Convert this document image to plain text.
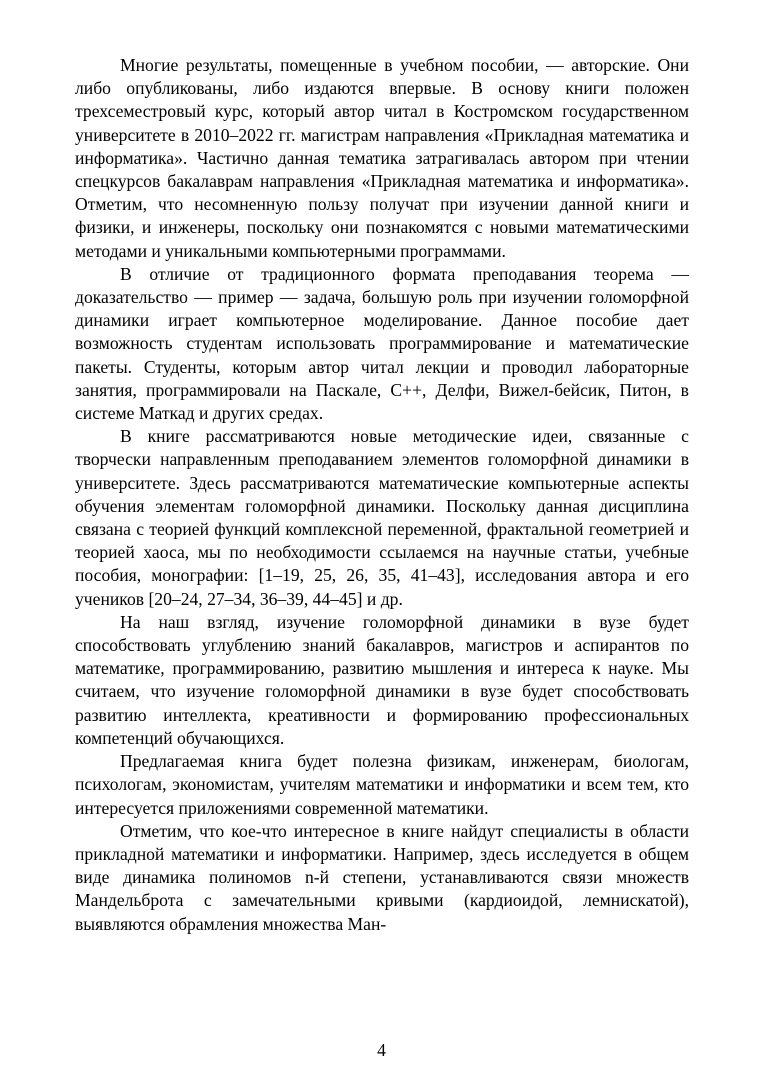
Многие результаты, помещенные в учебном пособии, — авторские. Они либо опубликованы, либо издаются впервые. В основу книги положен трехсеместровый курс, который автор читал в Костромском государственном университете в 2010–2022 гг. магистрам направления «Прикладная математика и информатика». Частично данная тематика затрагивалась автором при чтении спецкурсов бакалаврам направления «Прикладная математика и информатика». Отметим, что несомненную пользу получат при изучении данной книги и физики, и инженеры, поскольку они познакомятся с новыми математическими методами и уникальными компьютерными программами.

В отличие от традиционного формата преподавания теорема — доказательство — пример — задача, большую роль при изучении голоморфной динамики играет компьютерное моделирование. Данное пособие дает возможность студентам использовать программирование и математические пакеты. Студенты, которым автор читал лекции и проводил лабораторные занятия, программировали на Паскале, C++, Делфи, Вижел-бейсик, Питон, в системе Маткад и других средах.

В книге рассматриваются новые методические идеи, связанные с творчески направленным преподаванием элементов голоморфной динамики в университете. Здесь рассматриваются математические компьютерные аспекты обучения элементам голоморфной динамики. Поскольку данная дисциплина связана с теорией функций комплексной переменной, фрактальной геометрией и теорией хаоса, мы по необходимости ссылаемся на научные статьи, учебные пособия, монографии: [1–19, 25, 26, 35, 41–43], исследования автора и его учеников [20–24, 27–34, 36–39, 44–45] и др.

На наш взгляд, изучение голоморфной динамики в вузе будет способствовать углублению знаний бакалавров, магистров и аспирантов по математике, программированию, развитию мышления и интереса к науке. Мы считаем, что изучение голоморфной динамики в вузе будет способствовать развитию интеллекта, креативности и формированию профессиональных компетенций обучающихся.

Предлагаемая книга будет полезна физикам, инженерам, биологам, психологам, экономистам, учителям математики и информатики и всем тем, кто интересуется приложениями современной математики.

Отметим, что кое-что интересное в книге найдут специалисты в области прикладной математики и информатики. Например, здесь исследуется в общем виде динамика полиномов n-й степени, устанавливаются связи множеств Мандельброта с замечательными кривыми (кардиоидой, лемнискатой), выявляются обрамления множества Ман-

4
